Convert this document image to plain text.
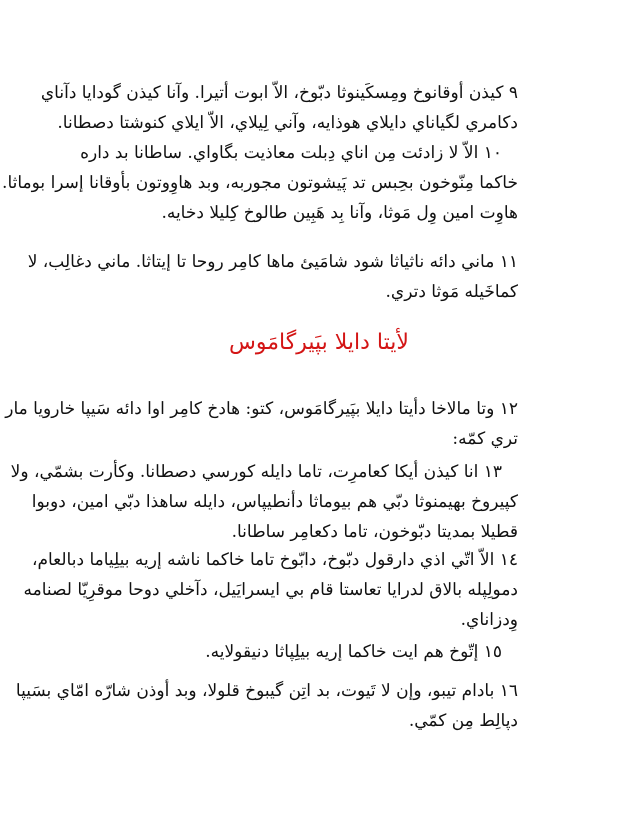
٩ كيذن أوقانوخ ومِسكَينوثا دبّوخ، الاّ ابوت أتيرا. وآنا كيذن گودايا دآناي
دكامري لگياناي دايلاي هوذايه، وآني لِيلاي، الاّ ايلاي كنوشتا دصطانا.
١٠ الاّ لا زادئت مِن اناي دِبلت معاذيت بگاواي. ساطانا بد داره
خاكما مِنّوخون بحِبس تد پَيشوتون مجوربه، وبد هاوِوتون بأوقانا إسرا بوماثا.
هاوِت امين وِل مَوثا، وآنا بِد هَبِين طالوخ كِليلا دخايه.
١١ ماني دائه ناثياثا شود شامَيئ ماها كامِر روحا تا إيتاثا. ماني دغالِب، لا
كماخَيله مَوثا دتري.
لأيتا دايلا بپَيرگامَوس
١٢ وتا مالاخا دأيتا دايلا بپَيرگامَوس، كتو: هادخ كامِر اوا دائه سَيپا خارويا مار
تري كمّه:
١٣ انا كيذن أيكا كعامرِت، تاما دايله كورسي دصطانا. وكأرت بشمّي، ولا
كپيروخ بهيمنوثا دبّي هم بيوماثا دأنطيپاس، دايله ساهذا دبّي امين، دوبوا
قطيلا بمديتا دبّوخون، تاما دكعامِر ساطانا.
١٤ الاّ اتّي اذي دارقول دبّوخ، دابّوخ تاما خاكما ناشه إريه بيلِياما دبالعام،
دمولِپله بالاق لدرايا تعاستا قام بي ايسرايَيل، دآخلي دوحا موقرِيّا لصنامه
وِدزاناي.
١٥ إتّوخ هم ايت خاكما إريه بيلِپاثا دنيقولايه.
١٦ بادام تيبو، وإن لا تَيوت، بد اتِن گيبوخ قلولا، وبد أوذن شارّه امّاي بسَيپا
دپالِط مِن كمّي.
